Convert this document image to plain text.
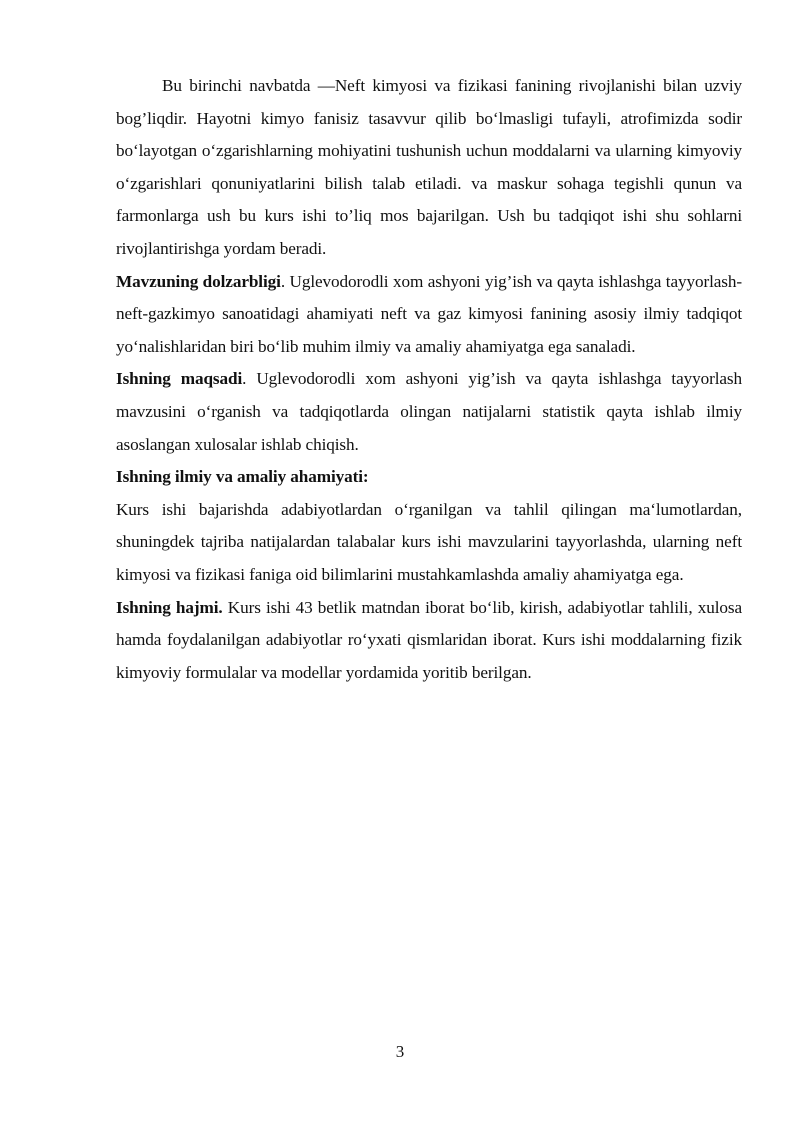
Bu birinchi navbatda —Neft kimyosi va fizikasi fanining rivojlanishi bilan uzviy bog’liqdir. Hayotni kimyo fanisiz tasavvur qilib bo‘lmasligi tufayli, atrofimizda sodir bo‘layotgan o‘zgarishlarning mohiyatini tushunish uchun moddalarni va ularning kimyoviy o‘zgarishlari qonuniyatlarini bilish talab etiladi. va maskur sohaga tegishli qunun va farmonlarga ush bu kurs ishi to’liq mos bajarilgan. Ush bu tadqiqot ishi shu sohlarni rivojlantirishga yordam beradi.

Mavzuning dolzarbligi. Uglevodorodli xom ashyoni yig’ish va qayta ishlashga tayyorlash- neft-gazkimyo sanoatidagi ahamiyati neft va gaz kimyosi fanining asosiy ilmiy tadqiqot yo‘nalishlaridan biri bo‘lib muhim ilmiy va amaliy ahamiyatga ega sanaladi.

Ishning maqsadi. Uglevodorodli xom ashyoni yig’ish va qayta ishlashga tayyorlash mavzusini o‘rganish va tadqiqotlarda olingan natijalarni statistik qayta ishlab ilmiy asoslangan xulosalar ishlab chiqish.

Ishning ilmiy va amaliy ahamiyati:

Kurs ishi bajarishda adabiyotlardan o‘rganilgan va tahlil qilingan ma‘lumotlardan, shuningdek tajriba natijalardan talabalar kurs ishi mavzularini tayyorlashda, ularning neft kimyosi va fizikasi faniga oid bilimlarini mustahkamlashda amaliy ahamiyatga ega.

Ishning hajmi. Kurs ishi 43 betlik matndan iborat bo‘lib, kirish, adabiyotlar tahlili, xulosa hamda foydalanilgan adabiyotlar ro‘yxati qismlaridan iborat. Kurs ishi moddalarning fizik kimyoviy formulalar va modellar yordamida yoritib berilgan.

3
